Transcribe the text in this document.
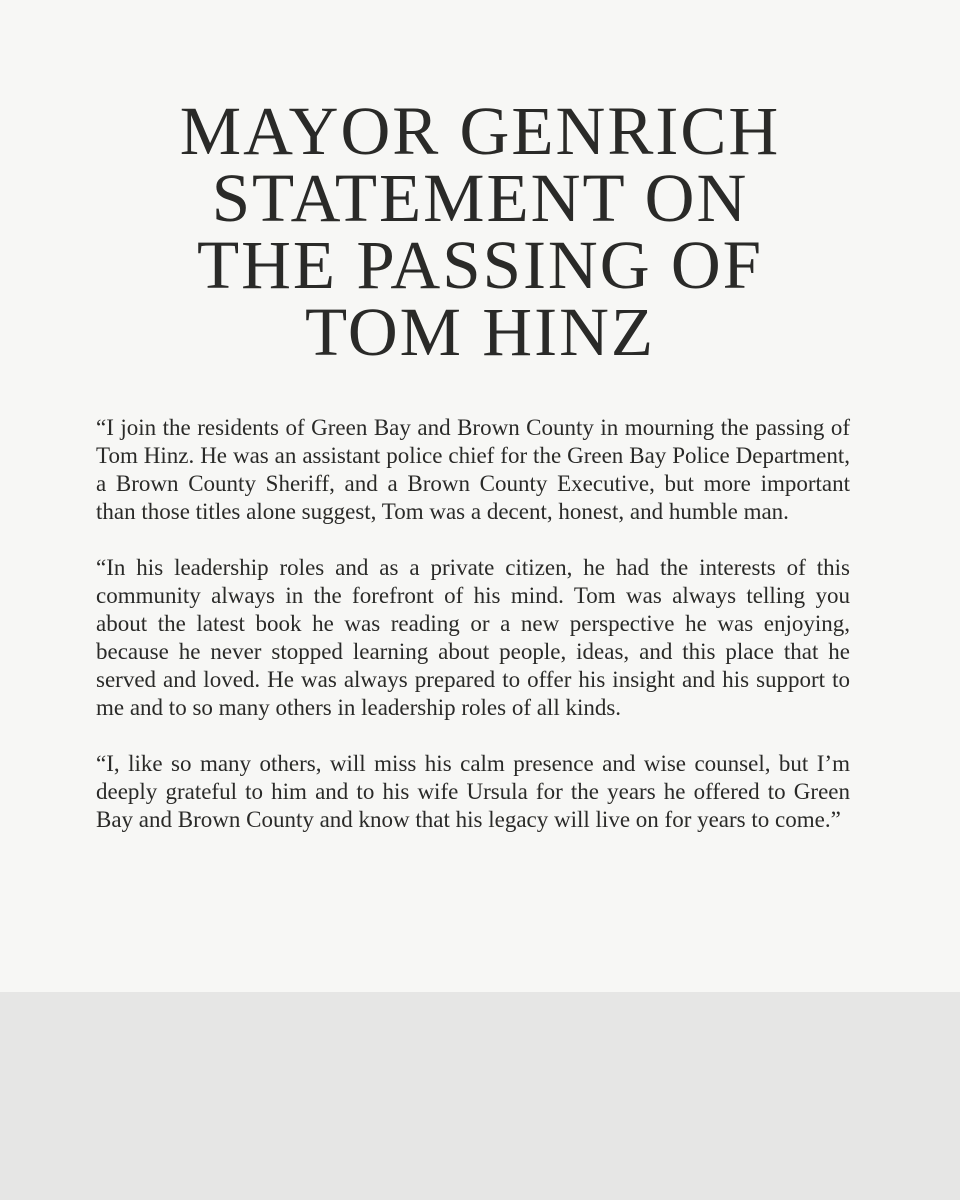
MAYOR GENRICH
STATEMENT ON
THE PASSING OF
TOM HINZ

“I join the residents of Green Bay and Brown County in mourning the passing of Tom Hinz. He was an assistant police chief for the Green Bay Police Department, a Brown County Sheriff, and a Brown County Executive, but more important than those titles alone suggest, Tom was a decent, honest, and humble man.

“In his leadership roles and as a private citizen, he had the interests of this community always in the forefront of his mind. Tom was always telling you about the latest book he was reading or a new perspective he was enjoying, because he never stopped learning about people, ideas, and this place that he served and loved. He was always prepared to offer his insight and his support to me and to so many others in leadership roles of all kinds.

“I, like so many others, will miss his calm presence and wise counsel, but I’m deeply grateful to him and to his wife Ursula for the years he offered to Green Bay and Brown County and know that his legacy will live on for years to come.”
